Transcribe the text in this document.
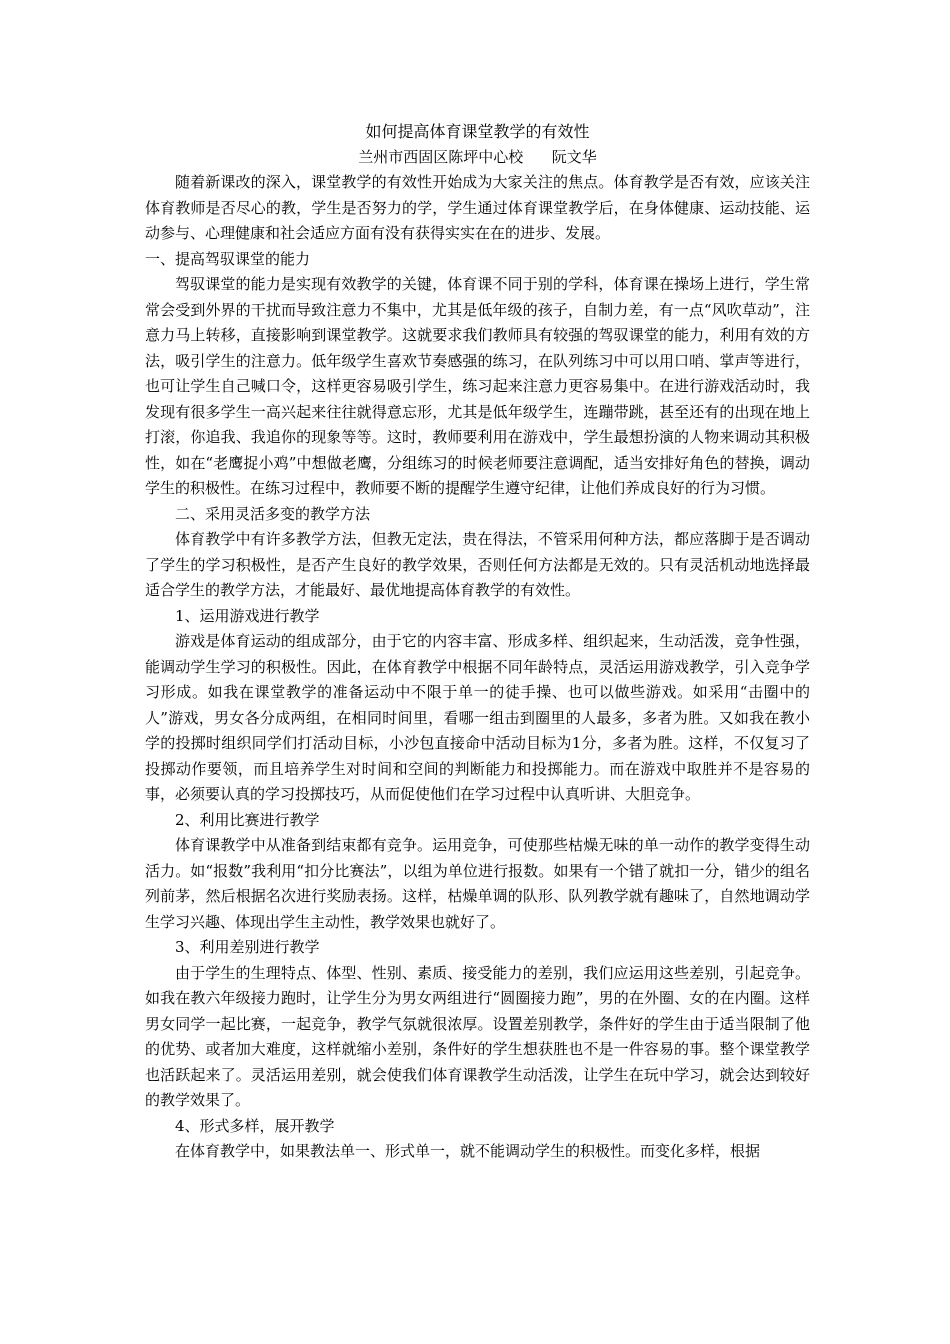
如何提高体育课堂教学的有效性

兰州市西固区陈坪中心校      阮文华

随着新课改的深入，课堂教学的有效性开始成为大家关注的焦点。体育教学是否有效，应该关注体育教师是否尽心的教，学生是否努力的学，学生通过体育课堂教学后，在身体健康、运动技能、运动参与、心理健康和社会适应方面有没有获得实实在在的进步、发展。

一、提高驾驭课堂的能力

驾驭课堂的能力是实现有效教学的关键，体育课不同于别的学科，体育课在操场上进行，学生常常会受到外界的干扰而导致注意力不集中，尤其是低年级的孩子，自制力差，有一点“风吹草动”，注意力马上转移，直接影响到课堂教学。这就要求我们教师具有较强的驾驭课堂的能力，利用有效的方法，吸引学生的注意力。低年级学生喜欢节奏感强的练习，在队列练习中可以用口哨、掌声等进行，也可让学生自己喊口令，这样更容易吸引学生，练习起来注意力更容易集中。在进行游戏活动时，我发现有很多学生一高兴起来往往就得意忘形，尤其是低年级学生，连蹦带跳，甚至还有的出现在地上打滚，你追我、我追你的现象等等。这时，教师要利用在游戏中，学生最想扮演的人物来调动其积极性，如在“老鹰捉小鸡”中想做老鹰，分组练习的时候老师要注意调配，适当安排好角色的替换，调动学生的积极性。在练习过程中，教师要不断的提醒学生遵守纪律，让他们养成良好的行为习惯。

二、采用灵活多变的教学方法

体育教学中有许多教学方法，但教无定法，贵在得法，不管采用何种方法，都应落脚于是否调动了学生的学习积极性，是否产生良好的教学效果，否则任何方法都是无效的。只有灵活机动地选择最适合学生的教学方法，才能最好、最优地提高体育教学的有效性。

1、运用游戏进行教学

游戏是体育运动的组成部分，由于它的内容丰富、形成多样、组织起来，生动活泼，竞争性强，能调动学生学习的积极性。因此，在体育教学中根据不同年龄特点，灵活运用游戏教学，引入竞争学习形成。如我在课堂教学的准备运动中不限于单一的徒手操、也可以做些游戏。如采用“击圈中的人”游戏，男女各分成两组，在相同时间里，看哪一组击到圈里的人最多，多者为胜。又如我在教小学的投掷时组织同学们打活动目标，小沙包直接命中活动目标为1分，多者为胜。这样，不仅复习了投掷动作要领，而且培养学生对时间和空间的判断能力和投掷能力。而在游戏中取胜并不是容易的事，必须要认真的学习投掷技巧，从而促使他们在学习过程中认真听讲、大胆竞争。

2、利用比赛进行教学

体育课教学中从准备到结束都有竞争。运用竞争，可使那些枯燥无味的单一动作的教学变得生动活力。如“报数”我利用“扣分比赛法”，以组为单位进行报数。如果有一个错了就扣一分，错少的组名列前茅，然后根据名次进行奖励表扬。这样，枯燥单调的队形、队列教学就有趣味了，自然地调动学生学习兴趣、体现出学生主动性，教学效果也就好了。

3、利用差别进行教学

由于学生的生理特点、体型、性别、素质、接受能力的差别，我们应运用这些差别，引起竞争。如我在教六年级接力跑时，让学生分为男女两组进行“圆圈接力跑”，男的在外圈、女的在内圈。这样男女同学一起比赛，一起竞争，教学气氛就很浓厚。设置差别教学，条件好的学生由于适当限制了他的优势、或者加大难度，这样就缩小差别，条件好的学生想获胜也不是一件容易的事。整个课堂教学也活跃起来了。灵活运用差别，就会使我们体育课教学生动活泼，让学生在玩中学习，就会达到较好的教学效果了。

4、形式多样，展开教学

在体育教学中，如果教法单一、形式单一，就不能调动学生的积极性。而变化多样，根据
